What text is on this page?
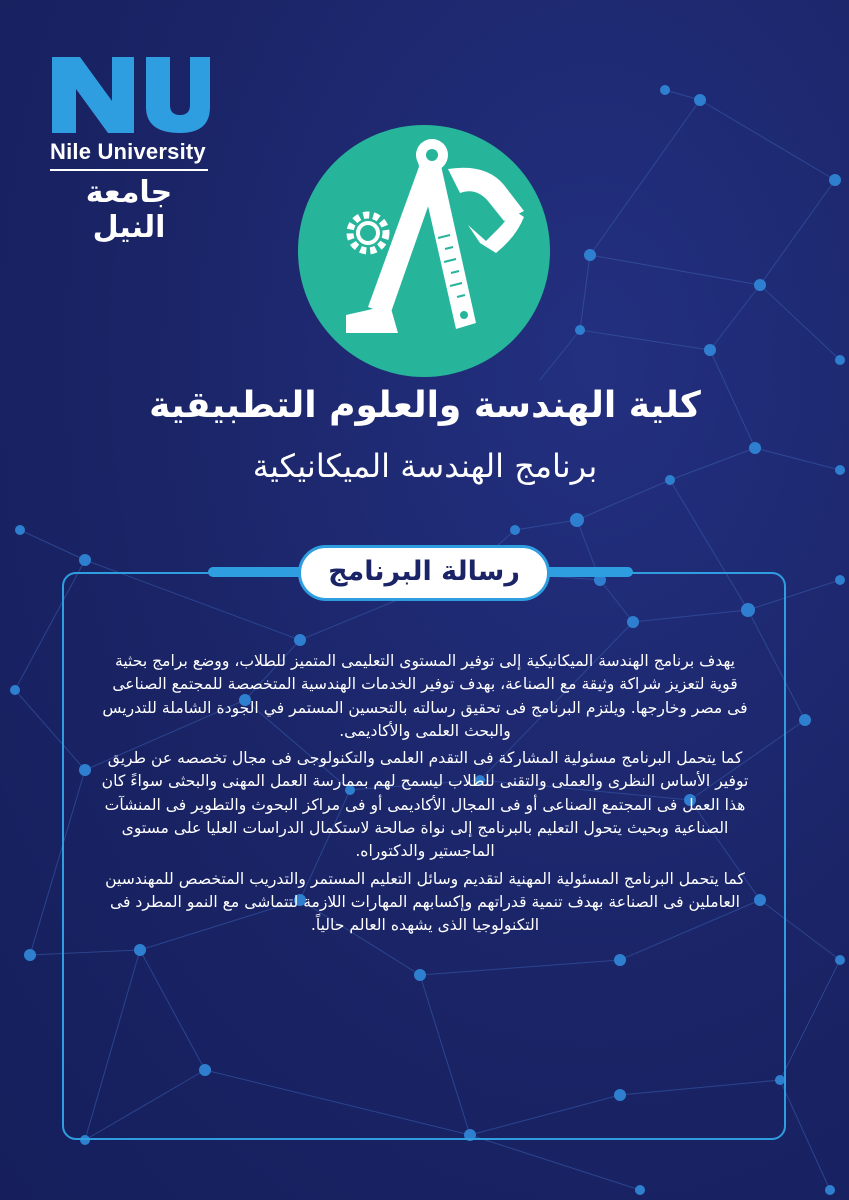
Nile University
جامعة النيل
كلية الهندسة والعلوم التطبيقية
برنامج الهندسة الميكانيكية
رسالة البرنامج

يهدف برنامج الهندسة الميكانيكية إلى توفير المستوى التعليمى المتميز للطلاب، ووضع برامج بحثية قوية لتعزيز شراكة وثيقة مع الصناعة، بهدف توفير الخدمات الهندسية المتخصصة للمجتمع الصناعى فى مصر وخارجها. ويلتزم البرنامج فى تحقيق رسالته بالتحسين المستمر في الجودة الشاملة للتدريس والبحث العلمى والأكاديمى.

كما يتحمل البرنامج مسئولية المشاركة فى التقدم العلمى والتكنولوجى فى مجال تخصصه عن طريق توفير الأساس النظرى والعملى والتقنى للطلاب ليسمح لهم بممارسة العمل المهنى والبحثى سواءً كان هذا العمل فى المجتمع الصناعى أو فى المجال الأكاديمى أو فى مراكز البحوث والتطوير فى المنشآت الصناعية وبحيث يتحول التعليم بالبرنامج إلى نواة صالحة لاستكمال الدراسات العليا على مستوى الماجستير والدكتوراه.

كما يتحمل البرنامج المسئولية المهنية لتقديم وسائل التعليم المستمر والتدريب المتخصص للمهندسين العاملين فى الصناعة بهدف تنمية قدراتهم وإكسابهم المهارات اللازمة لتتماشى مع النمو المطرد فى التكنولوجيا الذى يشهده العالم حالياً.
